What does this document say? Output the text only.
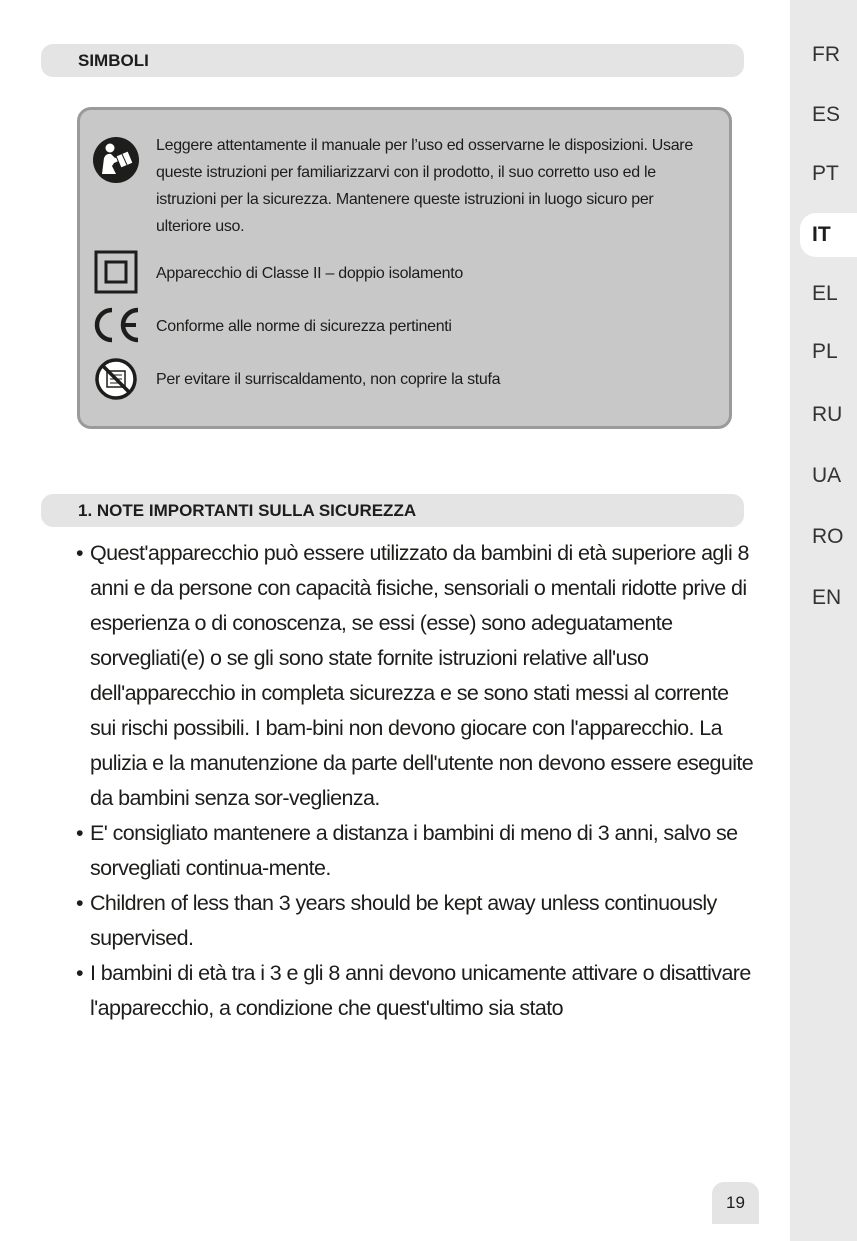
SIMBOLI
Leggere attentamente il manuale per l’uso ed osservarne le disposizioni. Usare queste istruzioni per familiarizzarvi con il prodotto, il suo corretto uso ed le istruzioni per la sicurezza. Mantenere queste istruzioni in luogo sicuro per ulteriore uso.
Apparecchio di Classe II – doppio isolamento
Conforme alle norme di sicurezza pertinenti
Per evitare il surriscaldamento, non coprire la stufa
1. NOTE IMPORTANTI SULLA SICUREZZA
• Quest'apparecchio può essere utilizzato da bambini di età superiore agli 8 anni e da persone con capacità fisiche, sensoriali o mentali ridotte prive di esperienza o di conoscenza, se essi (esse) sono adeguatamente sorvegliati(e) o se gli sono state fornite istruzioni relative all'uso dell'apparecchio in completa sicurezza e se sono stati messi al corrente sui rischi possibili. I bam-bini non devono giocare con l'apparecchio. La pulizia e la manutenzione da parte dell'utente non devono essere eseguite da bambini senza sor-veglienza.
• E' consigliato mantenere a distanza i bambini di meno di 3 anni, salvo se sorvegliati continua-mente.
• Children of less than 3 years should be kept away unless continuously supervised.
• I bambini di età tra i 3 e gli 8 anni devono unicamente attivare o disattivare l'apparecchio, a condizione che quest'ultimo sia stato
19
FR
ES
PT
IT
EL
PL
RU
UA
RO
EN
